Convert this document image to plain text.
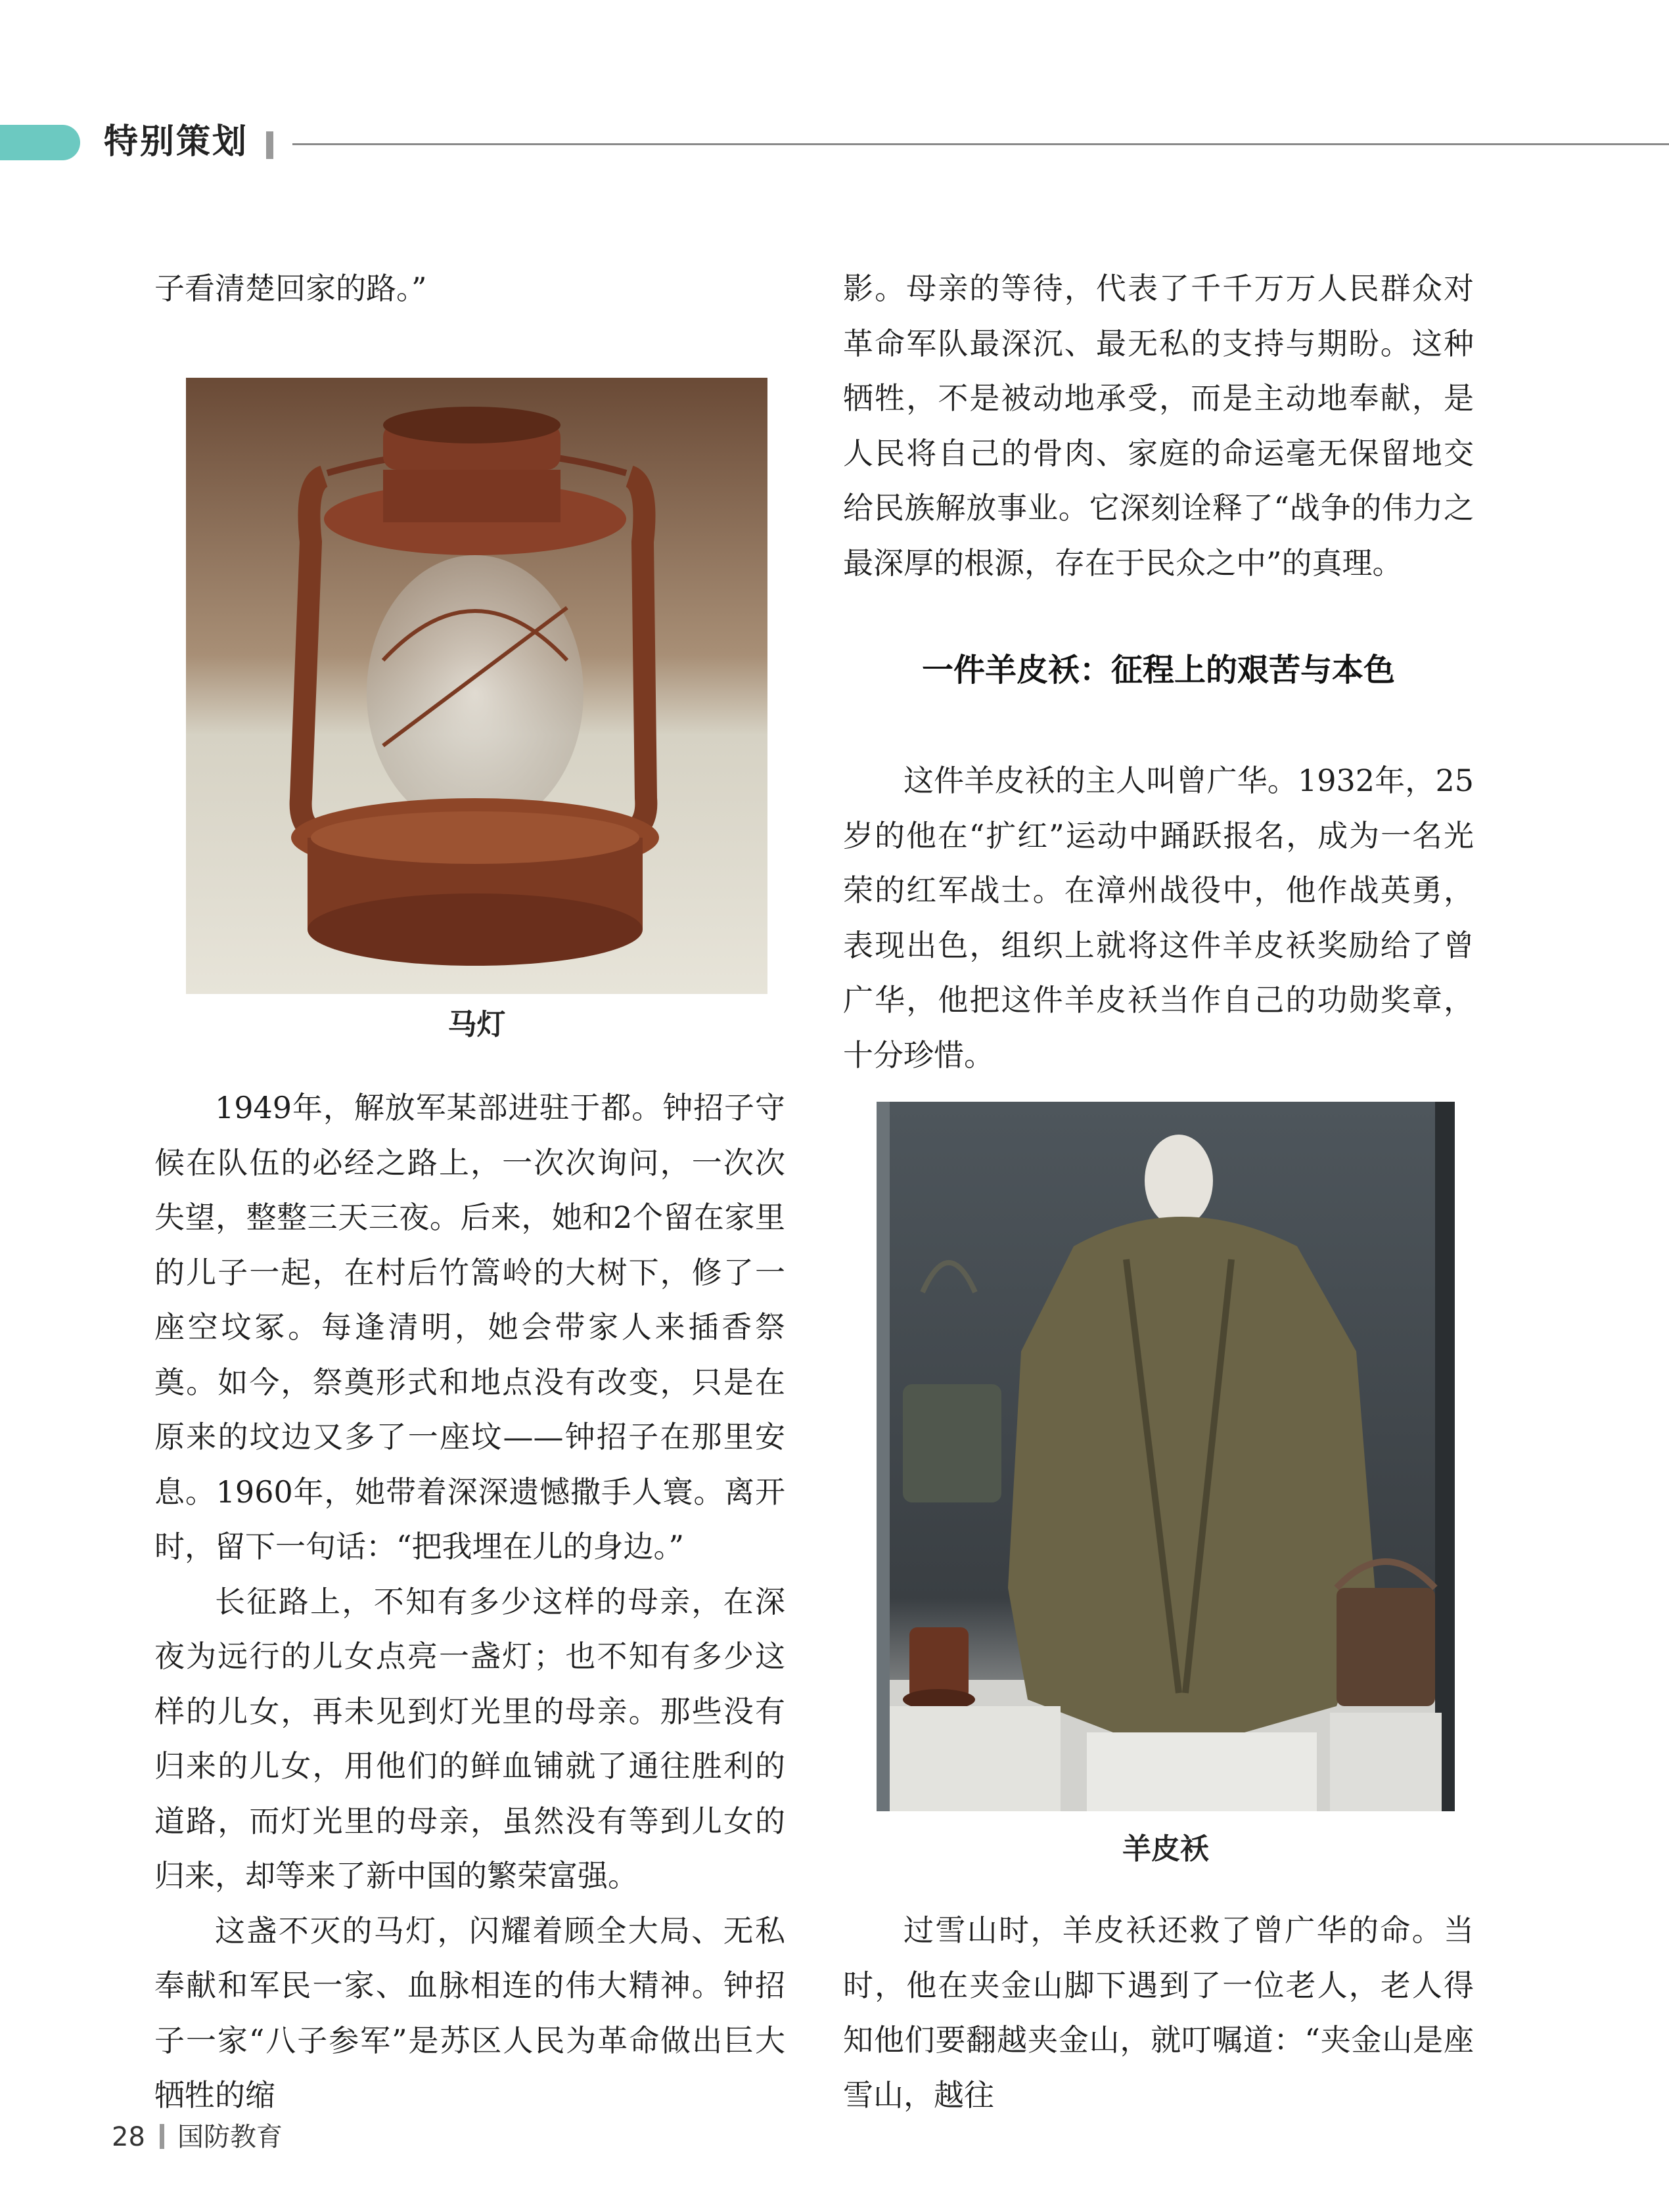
特别策划

子看清楚回家的路。”

马灯

1949年，解放军某部进驻于都。钟招子守候在队伍的必经之路上，一次次询问，一次次失望，整整三天三夜。后来，她和2个留在家里的儿子一起，在村后竹篙岭的大树下，修了一座空坟冢。每逢清明，她会带家人来插香祭奠。如今，祭奠形式和地点没有改变，只是在原来的坟边又多了一座坟——钟招子在那里安息。1960年，她带着深深遗憾撒手人寰。离开时，留下一句话：“把我埋在儿的身边。”

长征路上，不知有多少这样的母亲，在深夜为远行的儿女点亮一盏灯；也不知有多少这样的儿女，再未见到灯光里的母亲。那些没有归来的儿女，用他们的鲜血铺就了通往胜利的道路，而灯光里的母亲，虽然没有等到儿女的归来，却等来了新中国的繁荣富强。

这盏不灭的马灯，闪耀着顾全大局、无私奉献和军民一家、血脉相连的伟大精神。钟招子一家“八子参军”是苏区人民为革命做出巨大牺牲的缩

影。母亲的等待，代表了千千万万人民群众对革命军队最深沉、最无私的支持与期盼。这种牺牲，不是被动地承受，而是主动地奉献，是人民将自己的骨肉、家庭的命运毫无保留地交给民族解放事业。它深刻诠释了“战争的伟力之最深厚的根源，存在于民众之中”的真理。

一件羊皮袄：征程上的艰苦与本色

这件羊皮袄的主人叫曾广华。1932年，25岁的他在“扩红”运动中踊跃报名，成为一名光荣的红军战士。在漳州战役中，他作战英勇，表现出色，组织上就将这件羊皮袄奖励给了曾广华，他把这件羊皮袄当作自己的功勋奖章，十分珍惜。

羊皮袄

过雪山时，羊皮袄还救了曾广华的命。当时，他在夹金山脚下遇到了一位老人，老人得知他们要翻越夹金山，就叮嘱道：“夹金山是座雪山，越往

28 国防教育
